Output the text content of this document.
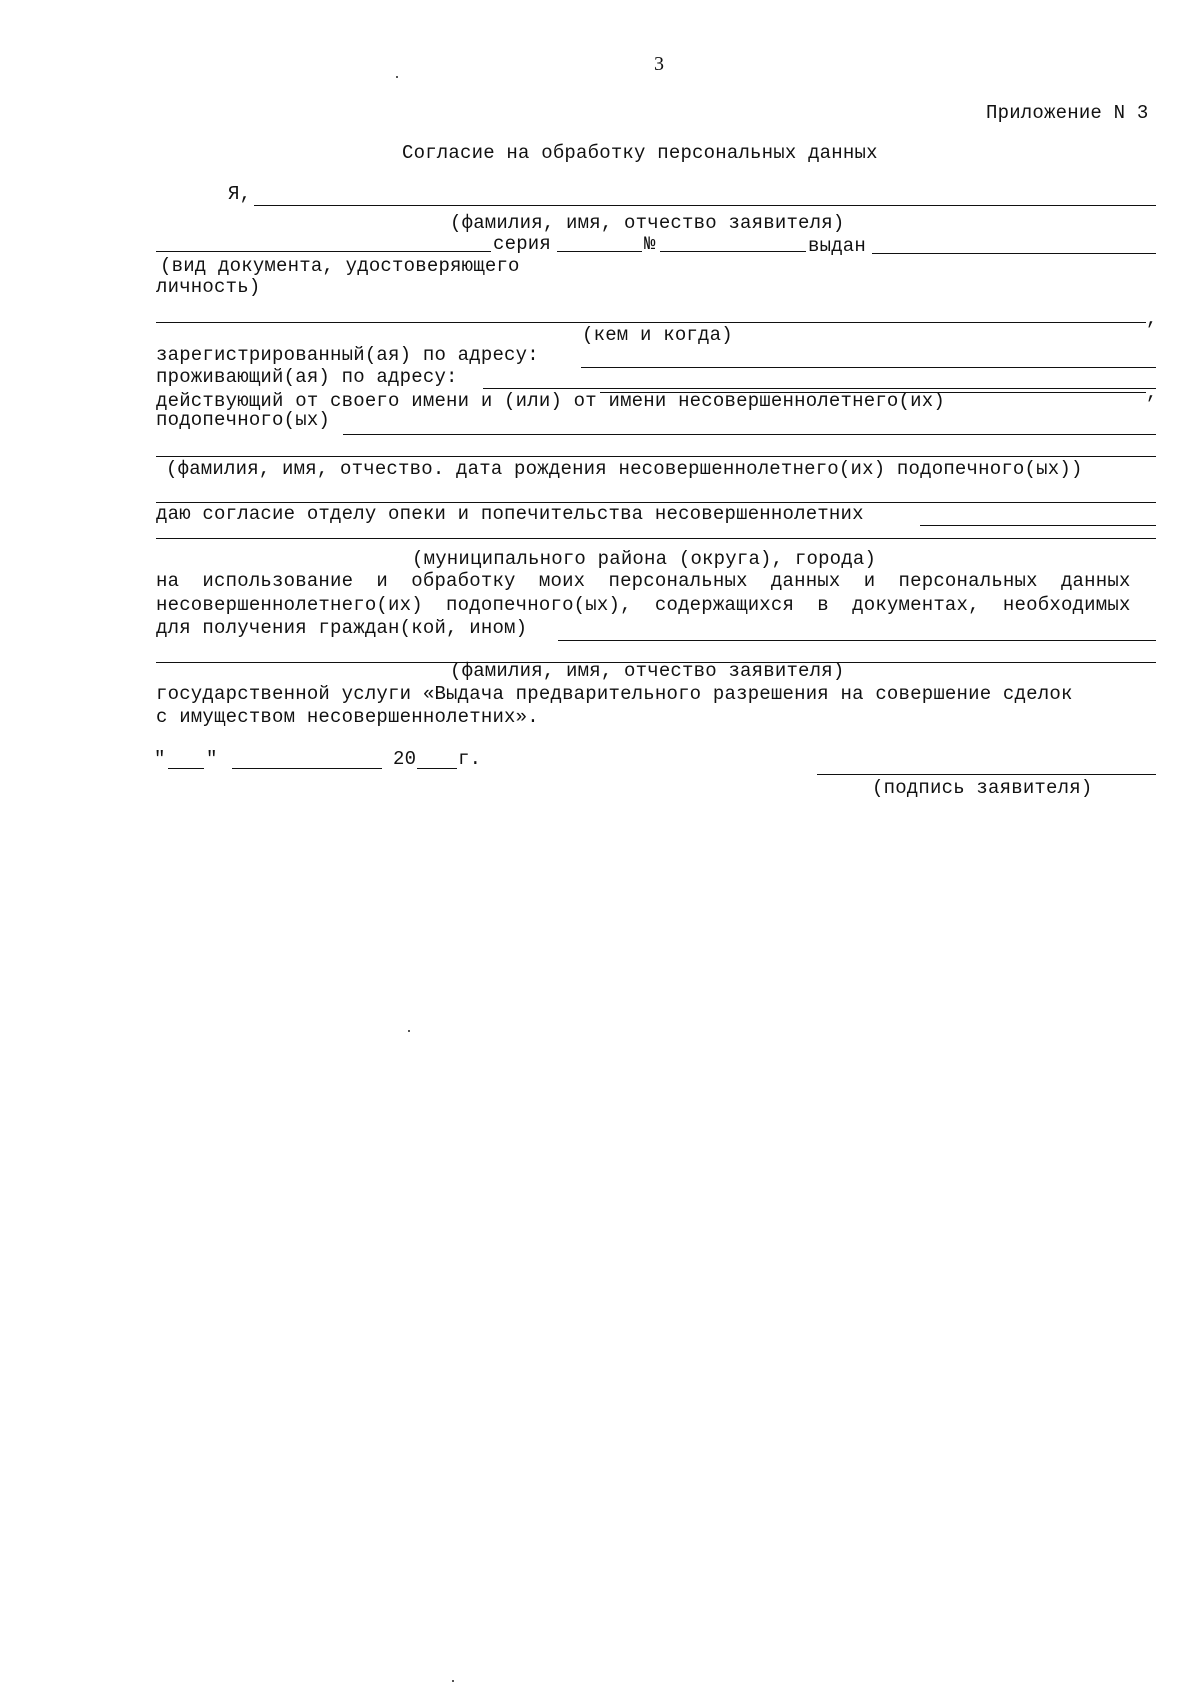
3
Приложение N 3
Согласие на обработку персональных данных
Я,
(фамилия, имя, отчество заявителя)
серия	№	выдан
(вид документа, удостоверяющего
личность)
,
(кем и когда)
зарегистрированный(ая) по адресу:
проживающий(ая) по адресу:
,
действующий от своего имени и (или) от имени несовершеннолетнего(их)
подопечного(ых)
(фамилия, имя, отчество. дата рождения несовершеннолетнего(их) подопечного(ых))
даю согласие отделу опеки и попечительства несовершеннолетних
(муниципального района (округа), города)
на  использование  и  обработку  моих  персональных  данных  и  персональных  данных
несовершеннолетнего(их)  подопечного(ых),  содержащихся  в  документах,  необходимых
для получения граждан(кой, ином)
(фамилия, имя, отчество заявителя)
государственной услуги «Выдача предварительного разрешения на совершение сделок
с имуществом несовершеннолетних».
" "	20 г.
(подпись заявителя)
